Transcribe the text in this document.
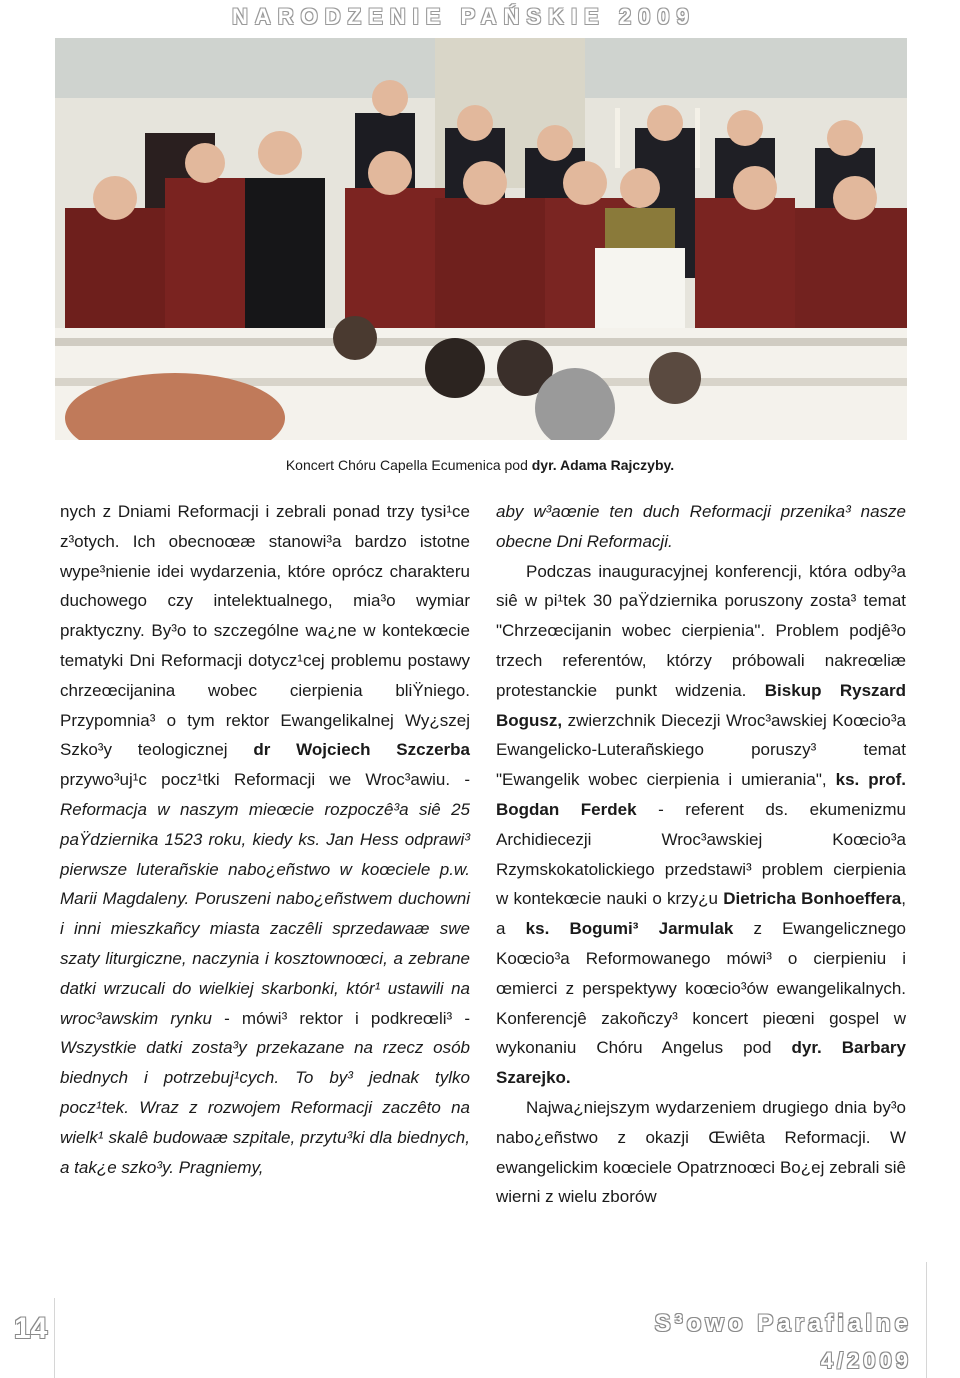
NARODZENIE PAŃSKIE 2009
Koncert Chóru Capella Ecumenica pod dyr. Adama Rajczyby.

nych z Dniami Reformacji i zebrali ponad trzy tysi¹ce z³otych. Ich obecnoœæ stanowi³a bardzo istotne wype³nienie idei wydarzenia, które oprócz charakteru duchowego czy intelektualnego, mia³o wymiar praktyczny. By³o to szczególne wa¿ne w kontekœcie tematyki Dni Reformacji dotycz¹cej problemu postawy chrzeœcijanina wobec cierpienia bliŸniego. Przypomnia³ o tym rektor Ewangelikalnej Wy¿szej Szko³y teologicznej dr Wojciech Szczerba przywo³uj¹c pocz¹tki Reformacji we Wroc³awiu. - Reformacja w naszym mieœcie rozpoczê³a siê 25 paŸdziernika 1523 roku, kiedy ks. Jan Hess odprawi³ pierwsze luterañskie nabo¿eñstwo w koœciele p.w. Marii Magdaleny. Poruszeni nabo¿eñstwem duchowni i inni mieszkañcy miasta zaczêli sprzedawaæ swe szaty liturgiczne, naczynia i kosztownoœci, a zebrane datki wrzucali do wielkiej skarbonki, któr¹ ustawili na wroc³awskim rynku - mówi³ rektor i podkreœli³ - Wszystkie datki zosta³y przekazane na rzecz osób biednych i potrzebuj¹cych. To by³ jednak tylko pocz¹tek. Wraz z rozwojem Reformacji zaczêto na wielk¹ skalê budowaæ szpitale, przytu³ki dla biednych, a tak¿e szko³y. Pragniemy,

aby w³aœnie ten duch Reformacji przenika³ nasze obecne Dni Reformacji.

Podczas inauguracyjnej konferencji, która odby³a siê w pi¹tek 30 paŸdziernika poruszony zosta³ temat "Chrzeœcijanin wobec cierpienia". Problem podjê³o trzech referentów, którzy próbowali nakreœliæ protestanckie punkt widzenia. Biskup Ryszard Bogusz, zwierzchnik Diecezji Wroc³awskiej Koœcio³a Ewangelicko-Luterañskiego poruszy³ temat "Ewangelik wobec cierpienia i umierania", ks. prof. Bogdan Ferdek - referent ds. ekumenizmu Archidiecezji Wroc³awskiej Koœcio³a Rzymskokatolickiego przedstawi³ problem cierpienia w kontekœcie nauki o krzy¿u Dietricha Bonhoeffera, a ks. Bogumi³ Jarmulak z Ewangelicznego Koœcio³a Reformowanego mówi³ o cierpieniu i œmierci z perspektywy koœcio³ów ewangelikalnych. Konferencjê zakoñczy³ koncert pieœni gospel w wykonaniu Chóru Angelus pod dyr. Barbary Szarejko.

Najwa¿niejszym wydarzeniem drugiego dnia by³o nabo¿eñstwo z okazji Œwiêta Reformacji. W ewangelickim koœciele Opatrznoœci Bo¿ej zebrali siê wierni z wielu zborów

14	S³owo Parafialne
4/2009
